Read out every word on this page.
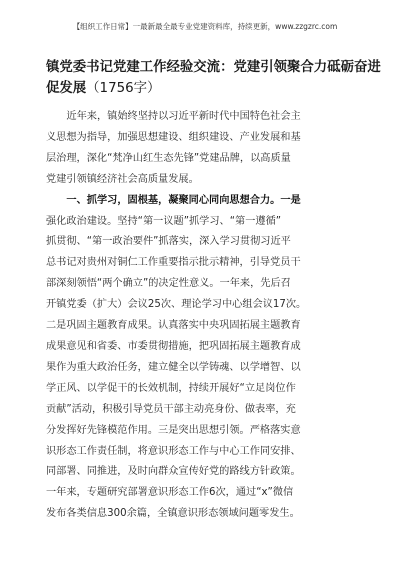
【组织工作日常】一最新最全最专业党建资料库，持续更新，www.zzgzrc.com
镇党委书记党建工作经验交流：党建引领聚合力砥砺奋进
促发展（1756字）
近年来，镇始终坚持以习近平新时代中国特色社会主
义思想为指导，加强思想建设、组织建设、产业发展和基
层治理，深化“梵净山红生态先锋”党建品牌，以高质量
党建引领镇经济社会高质量发展。
一、抓学习，固根基，凝聚同心同向思想合力。一是
强化政治建设。坚持“第一议题”抓学习、“第一遵循”
抓贯彻、“第一政治要件”抓落实，深入学习贯彻习近平
总书记对贵州对铜仁工作重要指示批示精神，引导党员干
部深刻领悟“两个确立”的决定性意义。一年来，先后召
开镇党委（扩大）会议25次、理论学习中心组会议17次。
二是巩固主题教育成果。认真落实中央巩固拓展主题教育
成果意见和省委、市委贯彻措施，把巩固拓展主题教育成
果作为重大政治任务，建立健全以学铸魂、以学增智、以
学正风、以学促干的长效机制，持续开展好“立足岗位作
贡献”活动，积极引导党员干部主动亮身份、做表率，充
分发挥好先锋模范作用。三是突出思想引领。严格落实意
识形态工作责任制，将意识形态工作与中心工作同安排、
同部署、同推进，及时向群众宣传好党的路线方针政策。
一年来，专题研究部署意识形态工作6次，通过“x”微信
发布各类信息300余篇，全镇意识形态领域问题零发生。
